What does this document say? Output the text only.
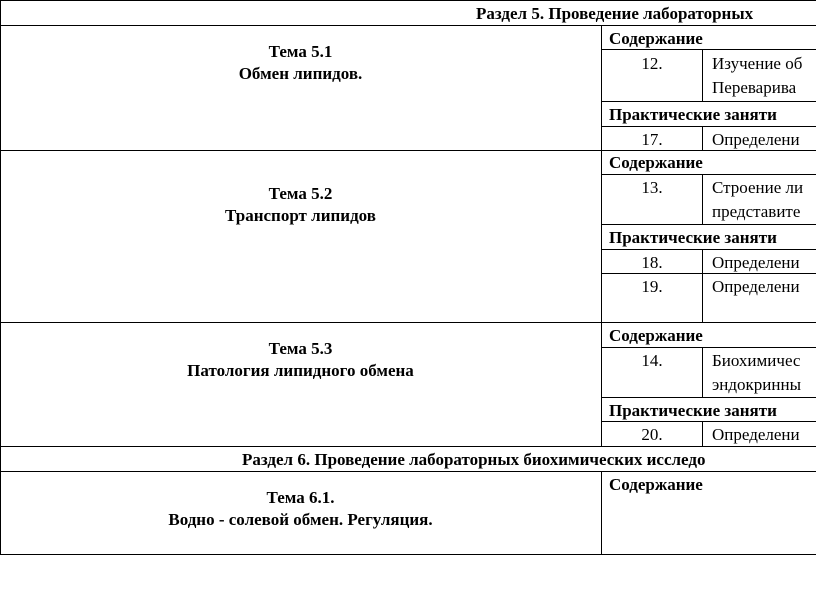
Раздел 5. Проведение лабораторных
Тема 5.1
Обмен липидов.
Содержание
12.	Изучение об
Переварива
Практические заняти
17.	Определени
Тема 5.2
Транспорт липидов
Содержание
13.	Строение ли
представите
Практические заняти
18.	Определени
19.	Определени
Тема 5.3
Патология липидного обмена
Содержание
14.	Биохимичес
эндокринны
Практические заняти
20.	Определени
Раздел 6. Проведение лабораторных биохимических исследо
Тема 6.1.
Водно - солевой обмен. Регуляция.
Содержание
